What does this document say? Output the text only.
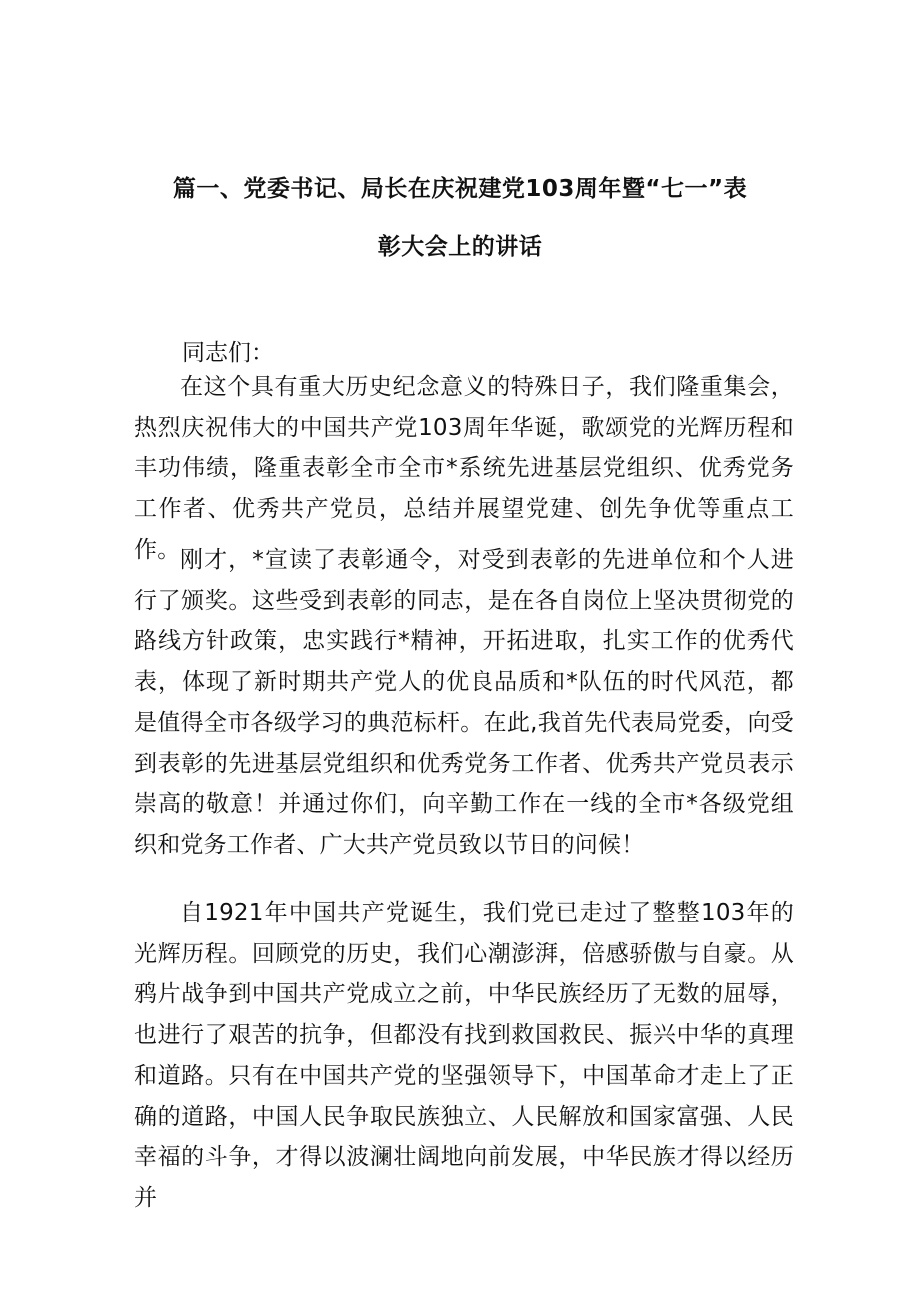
篇一、党委书记、局长在庆祝建党103周年暨“七一”表
彰大会上的讲话
同志们：

在这个具有重大历史纪念意义的特殊日子，我们隆重集会，热烈庆祝伟大的中国共产党103周年华诞，歌颂党的光辉历程和丰功伟绩，隆重表彰全市全市*系统先进基层党组织、优秀党务工作者、优秀共产党员，总结并展望党建、创先争优等重点工作。 刚才，*宣读了表彰通令，对受到表彰的先进单位和个人进行了颁奖。这些受到表彰的同志，是在各自岗位上坚决贯彻党的路线方针政策，忠实践行*精神，开拓进取，扎实工作的优秀代表，体现了新时期共产党人的优良品质和*队伍的时代风范，都是值得全市各级学习的典范标杆。在此,我首先代表局党委，向受到表彰的先进基层党组织和优秀党务工作者、优秀共产党员表示崇高的敬意！并通过你们，向辛勤工作在一线的全市*各级党组织和党务工作者、广大共产党员致以节日的问候！

自1921年中国共产党诞生，我们党已走过了整整103年的光辉历程。回顾党的历史，我们心潮澎湃，倍感骄傲与自豪。从鸦片战争到中国共产党成立之前，中华民族经历了无数的屈辱，也进行了艰苦的抗争，但都没有找到救国救民、振兴中华的真理和道路。只有在中国共产党的坚强领导下，中国革命才走上了正确的道路，中国人民争取民族独立、人民解放和国家富强、人民幸福的斗争，才得以波澜壮阔地向前发展，中华民族才得以经历并
